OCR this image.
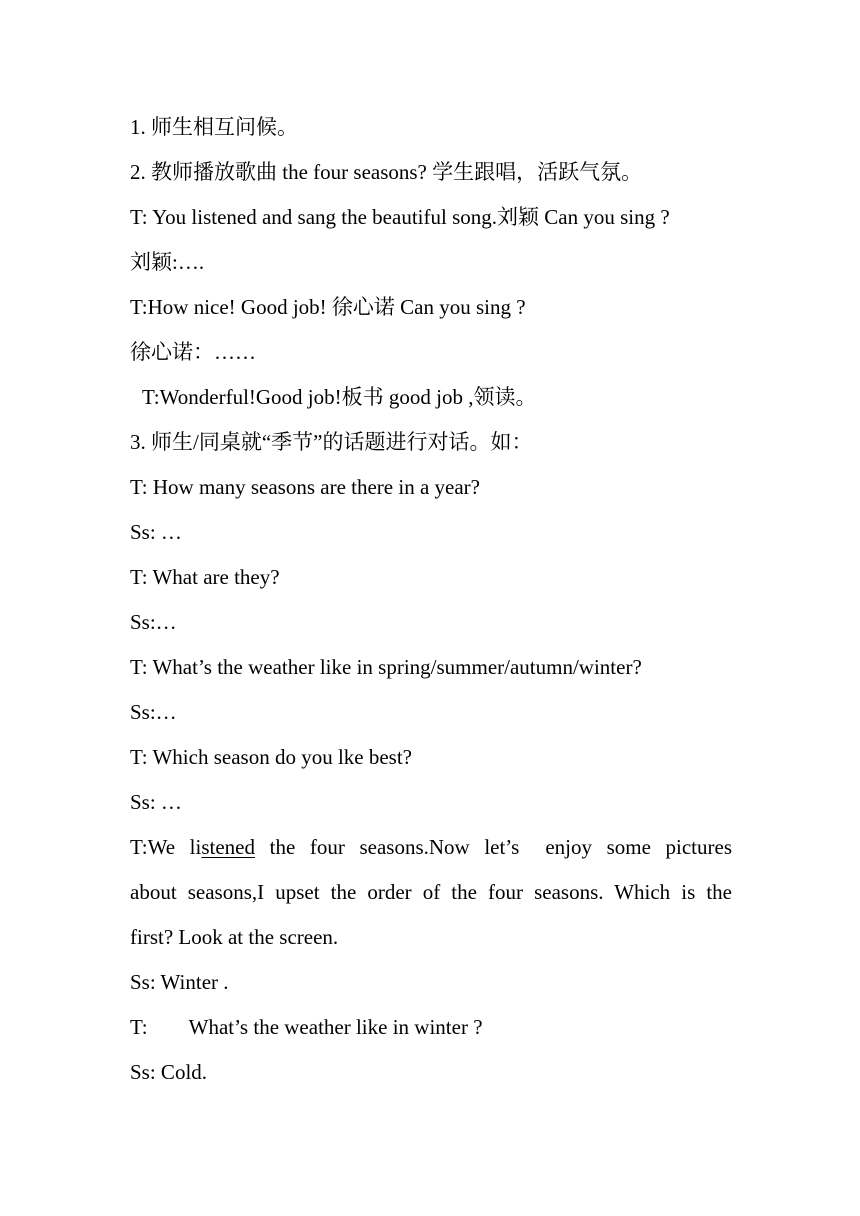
1. 师生相互问候。
2. 教师播放歌曲 the four seasons? 学生跟唱，活跃气氛。
T: You listened and sang the beautiful song.刘颖 Can you sing ?
刘颖:….
T:How nice! Good job! 徐心诺 Can you sing ?
徐心诺：……
T:Wonderful!Good job!板书 good job ,领读。
3. 师生/同桌就“季节”的话题进行对话。如：
T: How many seasons are there in a year?
Ss: …
T: What are they?
Ss:…
T: What’s the weather like in spring/summer/autumn/winter?
Ss:…
T: Which season do you lke best?
Ss: …
T:We listened the four seasons.Now let’s enjoy some pictures
about seasons,I upset the order of the four seasons. Which is the
first? Look at the screen.
Ss: Winter .
T: What’s the weather like in winter ?
Ss: Cold.
